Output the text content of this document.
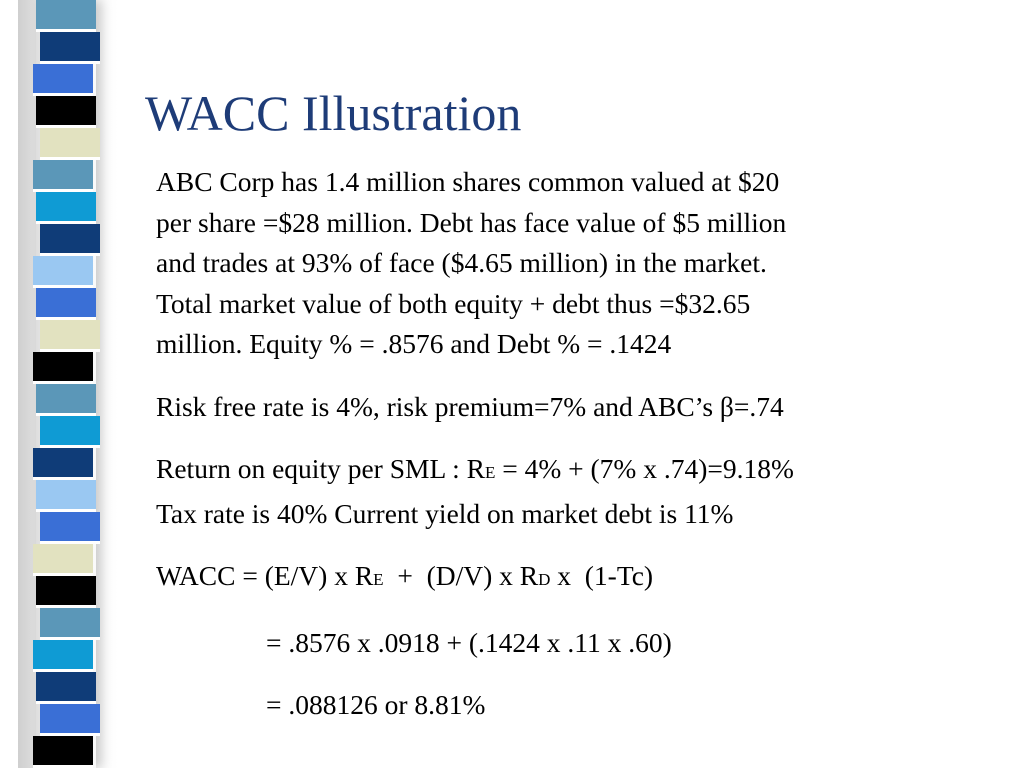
WACC Illustration

ABC Corp has 1.4 million shares common valued at $20
per share =$28 million. Debt has face value of $5 million
and trades at 93% of face ($4.65 million) in the market.
Total market value of both equity + debt thus =$32.65
million. Equity % = .8576 and Debt % = .1424

Risk free rate is 4%, risk premium=7% and ABC’s β=.74

Return on equity per SML : RE = 4% + (7% x .74)=9.18%
Tax rate is 40% Current yield on market debt is 11%

WACC = (E/V) x RE  +  (D/V) x RD x  (1-Tc)

= .8576 x .0918 + (.1424 x .11 x .60)

= .088126 or 8.81%
